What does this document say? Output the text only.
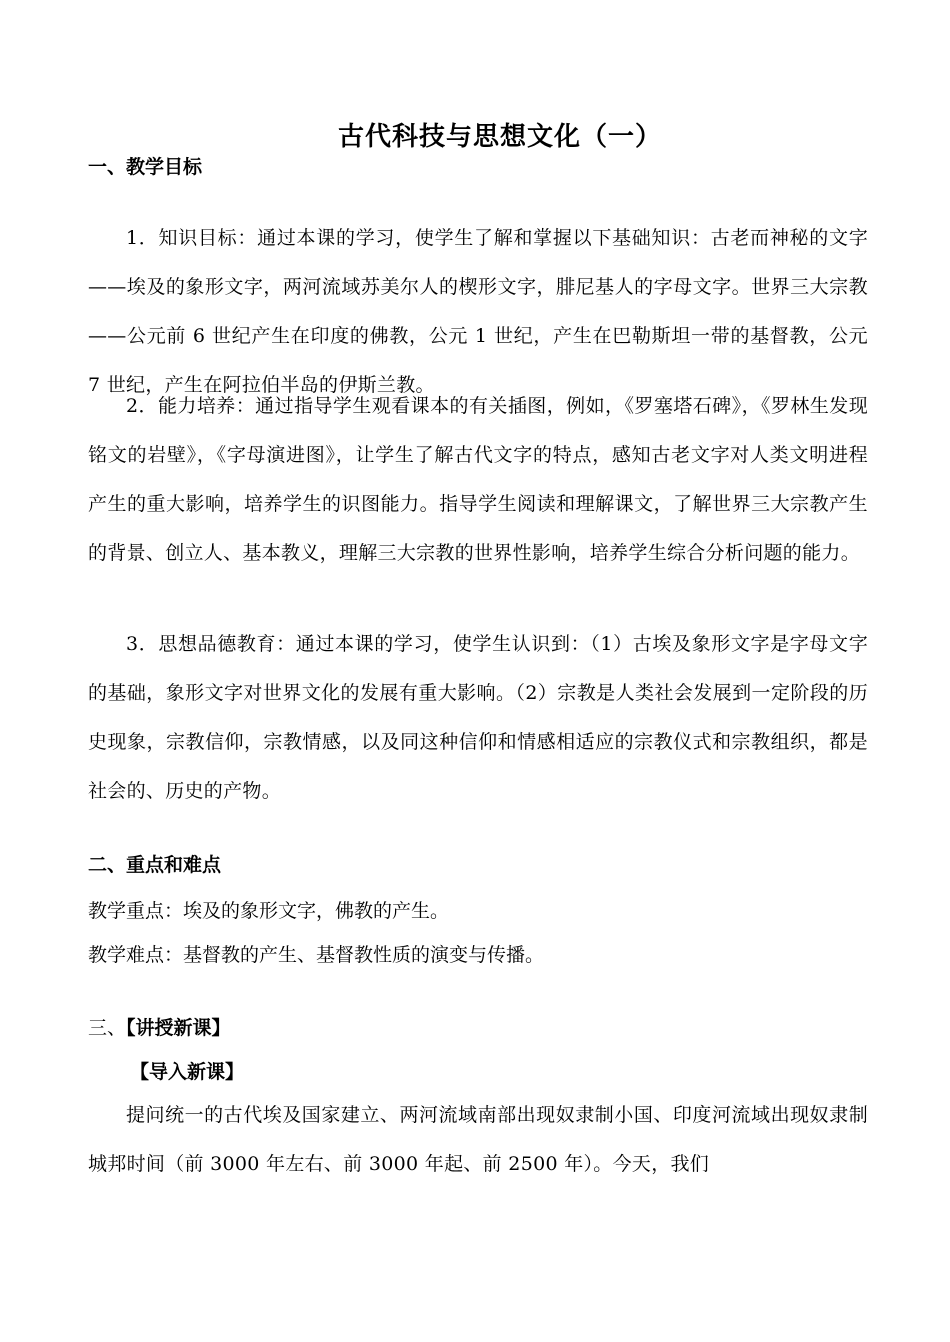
古代科技与思想文化（一）
一、教学目标
1．知识目标：通过本课的学习，使学生了解和掌握以下基础知识：古老而神秘的文字——埃及的象形文字，两河流域苏美尔人的楔形文字，腓尼基人的字母文字。世界三大宗教——公元前 6 世纪产生在印度的佛教，公元 1 世纪，产生在巴勒斯坦一带的基督教，公元 7 世纪，产生在阿拉伯半岛的伊斯兰教。
2．能力培养：通过指导学生观看课本的有关插图，例如，《罗塞塔石碑》，《罗林生发现铭文的岩壁》，《字母演进图》，让学生了解古代文字的特点，感知古老文字对人类文明进程产生的重大影响，培养学生的识图能力。指导学生阅读和理解课文，了解世界三大宗教产生的背景、创立人、基本教义，理解三大宗教的世界性影响，培养学生综合分析问题的能力。
3．思想品德教育：通过本课的学习，使学生认识到：（1）古埃及象形文字是字母文字的基础，象形文字对世界文化的发展有重大影响。（2）宗教是人类社会发展到一定阶段的历史现象，宗教信仰，宗教情感，以及同这种信仰和情感相适应的宗教仪式和宗教组织，都是社会的、历史的产物。
二、重点和难点
教学重点：埃及的象形文字，佛教的产生。
教学难点：基督教的产生、基督教性质的演变与传播。
三、【讲授新课】
【导入新课】
提问统一的古代埃及国家建立、两河流域南部出现奴隶制小国、印度河流域出现奴隶制城邦时间（前 3000 年左右、前 3000 年起、前 2500 年）。今天，我们
